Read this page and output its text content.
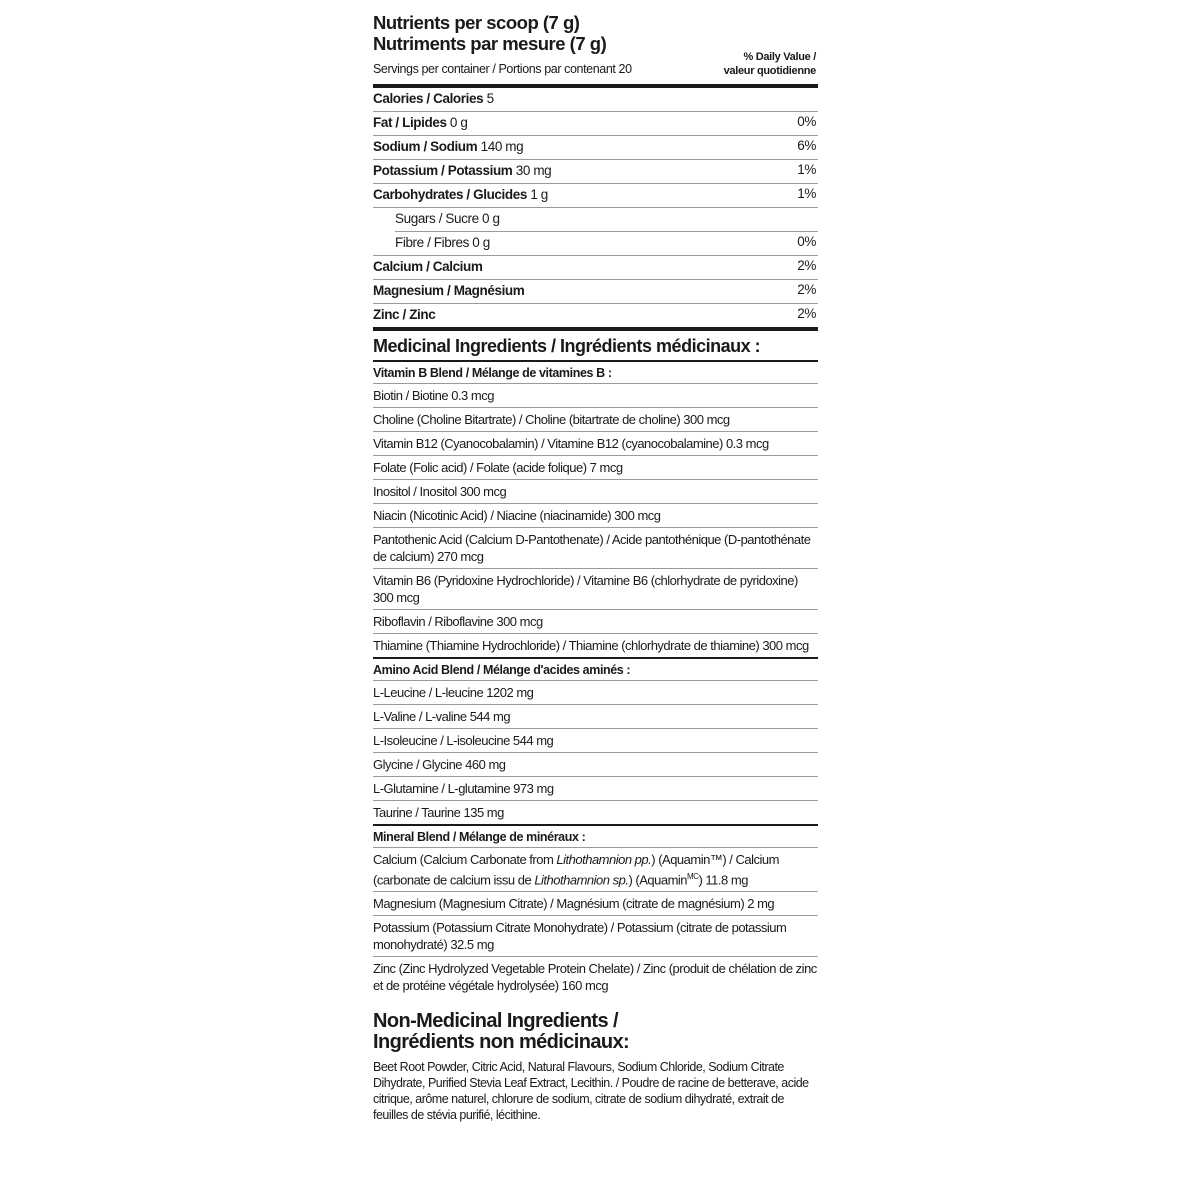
Nutrients per scoop (7 g)
Nutriments par mesure (7 g)
Servings per container / Portions par contenant 20
% Daily Value /
valeur quotidienne
Calories / Calories 5
Fat / Lipides 0 g	0%
Sodium / Sodium 140 mg	6%
Potassium / Potassium 30 mg	1%
Carbohydrates / Glucides 1 g	1%
Sugars / Sucre 0 g
Fibre / Fibres 0 g	0%
Calcium / Calcium	2%
Magnesium / Magnésium	2%
Zinc / Zinc	2%
Medicinal Ingredients / Ingrédients médicinaux :
Vitamin B Blend / Mélange de vitamines B :
Biotin / Biotine 0.3 mcg
Choline (Choline Bitartrate) / Choline (bitartrate de choline) 300 mcg
Vitamin B12 (Cyanocobalamin) / Vitamine B12 (cyanocobalamine) 0.3 mcg
Folate (Folic acid) / Folate (acide folique) 7 mcg
Inositol / Inositol 300 mcg
Niacin (Nicotinic Acid) / Niacine (niacinamide) 300 mcg
Pantothenic Acid (Calcium D-Pantothenate) / Acide pantothénique (D-pantothénate de calcium) 270 mcg
Vitamin B6 (Pyridoxine Hydrochloride) / Vitamine B6 (chlorhydrate de pyridoxine) 300 mcg
Riboflavin / Riboflavine 300 mcg
Thiamine (Thiamine Hydrochloride) / Thiamine (chlorhydrate de thiamine) 300 mcg
Amino Acid Blend / Mélange d'acides aminés :
L-Leucine / L-leucine 1202 mg
L-Valine / L-valine 544 mg
L-Isoleucine / L-isoleucine 544 mg
Glycine / Glycine 460 mg
L-Glutamine / L-glutamine 973 mg
Taurine / Taurine 135 mg
Mineral Blend / Mélange de minéraux :
Calcium (Calcium Carbonate from Lithothamnion pp.) (Aquamin™) / Calcium (carbonate de calcium issu de Lithothamnion sp.) (Aquamin$^{MC}$) 11.8 mg
Magnesium (Magnesium Citrate) / Magnésium (citrate de magnésium) 2 mg
Potassium (Potassium Citrate Monohydrate) / Potassium (citrate de potassium monohydraté) 32.5 mg
Zinc (Zinc Hydrolyzed Vegetable Protein Chelate) / Zinc (produit de chélation de zinc et de protéine végétale hydrolysée) 160 mcg
Non-Medicinal Ingredients /
Ingrédients non médicinaux:
Beet Root Powder, Citric Acid, Natural Flavours, Sodium Chloride, Sodium Citrate Dihydrate, Purified Stevia Leaf Extract, Lecithin. / Poudre de racine de betterave, acide citrique, arôme naturel, chlorure de sodium, citrate de sodium dihydraté, extrait de feuilles de stévia purifié, lécithine.
